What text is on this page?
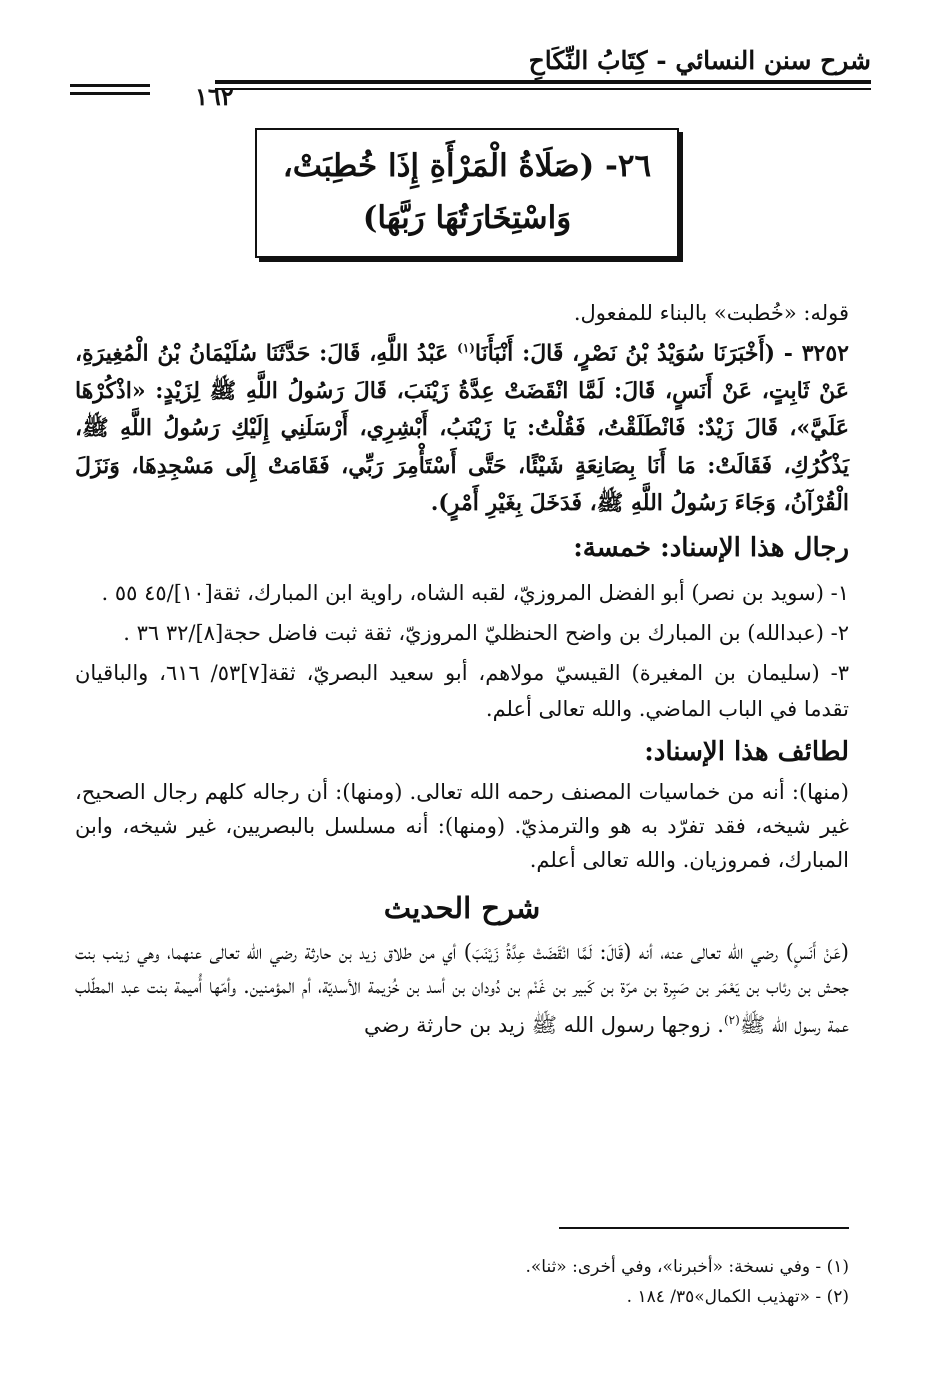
شرح سنن النسائي - كِتَابُ النِّكَاحِ
١٦٢
٢٦- (صَلَاةُ الْمَرْأَةِ إِذَا خُطِبَتْ،
وَاسْتِخَارَتُهَا رَبَّهَا)

قوله: «خُطبت» بالبناء للمفعول.

٣٢٥٢ - (أَخْبَرَنَا سُوَيْدُ بْنُ نَصْرٍ، قَالَ: أَنْبَأَنَا$^{(١)}$ عَبْدُ اللَّهِ، قَالَ: حَدَّثَنَا سُلَيْمَانُ بْنُ الْمُغِيرَةِ، عَنْ ثَابِتٍ، عَنْ أَنَسٍ، قَالَ: لَمَّا انْقَضَتْ عِدَّةُ زَيْنَبَ، قَالَ رَسُولُ اللَّهِ ﷺ لِزَيْدٍ: «اذْكُرْهَا عَلَيَّ»، قَالَ زَيْدٌ: فَانْطَلَقْتُ، فَقُلْتُ: يَا زَيْنَبُ، أَبْشِرِي، أَرْسَلَنِي إِلَيْكِ رَسُولُ اللَّهِ ﷺ، يَذْكُرُكِ، فَقَالَتْ: مَا أَنَا بِصَانِعَةٍ شَيْئًا، حَتَّى أَسْتَأْمِرَ رَبِّي، فَقَامَتْ إِلَى مَسْجِدِهَا، وَنَزَلَ الْقُرْآنُ، وَجَاءَ رَسُولُ اللَّهِ ﷺ، فَدَخَلَ بِغَيْرِ أَمْرٍ).

رجال هذا الإسناد: خمسة:

١- (سويد بن نصر) أبو الفضل المروزيّ، لقبه الشاه، راوية ابن المبارك، ثقة[١٠]/٤٥ ٥٥ .

٢- (عبدالله) بن المبارك بن واضح الحنظليّ المروزيّ، ثقة ثبت فاضل حجة[٨]/٣٢ ٣٦ .

٣- (سليمان بن المغيرة) القيسيّ مولاهم، أبو سعيد البصريّ، ثقة[٧]٥٣/ ٦١٦، والباقيان تقدما في الباب الماضي. والله تعالى أعلم.

لطائف هذا الإسناد:

(منها): أنه من خماسيات المصنف رحمه الله تعالى. (ومنها): أن رجاله كلهم رجال الصحيح، غير شيخه، فقد تفرّد به هو والترمذيّ. (ومنها): أنه مسلسل بالبصريين، غير شيخه، وابن المبارك، فمروزيان. والله تعالى أعلم.

شرح الحديث

(عَنْ أَنَسٍ) رضي الله تعالى عنه، أنه (قَالَ: لَمَّا انْقَضَتْ عِدَّةُ زَيْنَبَ) أي من طلاق زيد بن حارثة رضي الله تعالى عنهما، وهي زينب بنت جحش بن رئاب بن يَعْمَر بن صَبِرة بن مرّة بن كَبير بن غَنْم بن دُودان بن أسد بن خُزيمة الأسديّة، أم المؤمنين. وأمّها أُميمة بنت عبد المطّلب عمة رسول الله ﷺ$^{(٢)}$. زوجها رسول الله ﷺ زيد بن حارثة رضي

(١) - وفي نسخة: «أخبرنا»، وفي أخرى: «ثنا».

(٢) - «تهذيب الكمال»٣٥/ ١٨٤ .
